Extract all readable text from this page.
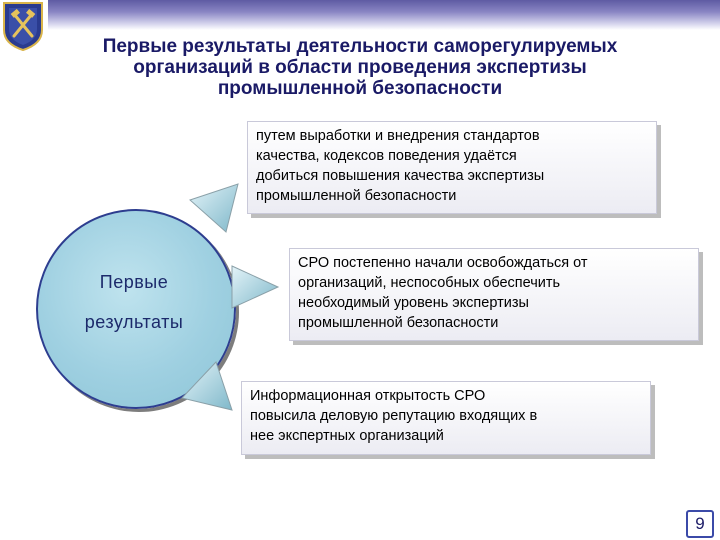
Первые результаты деятельности саморегулируемых
организаций в области проведения экспертизы
промышленной безопасности
Первые
результаты
путем выработки и внедрения стандартов
качества, кодексов поведения удаётся
добиться повышения качества экспертизы
промышленной безопасности
СРО постепенно начали освобождаться от
организаций, неспособных обеспечить
необходимый уровень экспертизы
промышленной безопасности
Информационная открытость СРО
повысила деловую репутацию входящих в
нее экспертных организаций
9
